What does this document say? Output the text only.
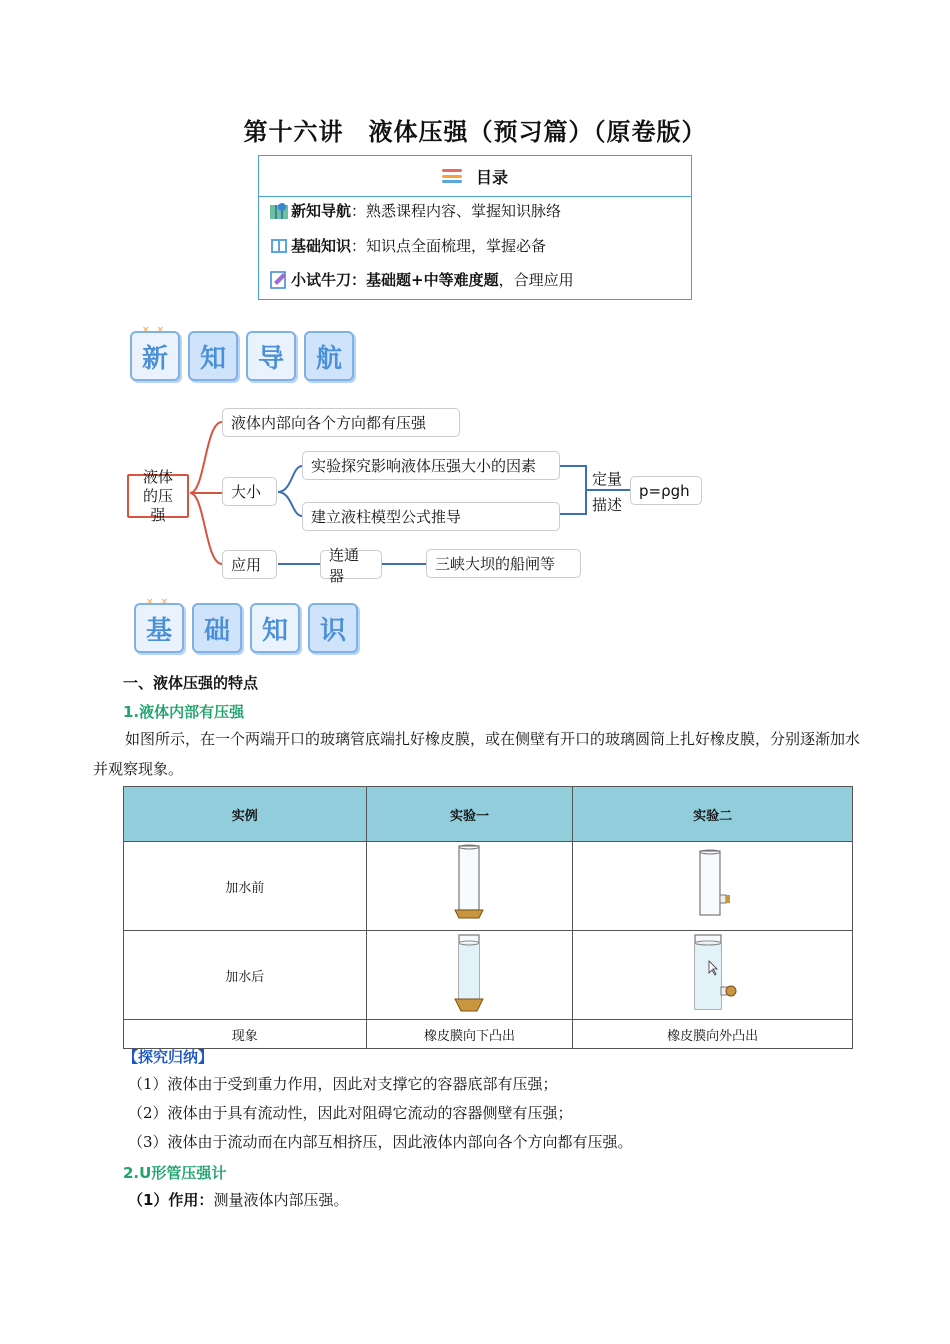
第十六讲　液体压强（预习篇）（原卷版）
目录
新知导航 ：熟悉课程内容、掌握知识脉络
基础知识 ：知识点全面梳理，掌握必备
小试牛刀 ：基础题+中等难度题 ，合理应用
× ×
新 知 导 航
液体的压强
液体内部向各个方向都有压强
大小
实验探究影响液体压强大小的因素
建立液柱模型公式推导
定量
描述
p=ρgh
应用
连通器
三峡大坝的船闸等
× ×
基 础 知 识
一、液体压强的特点
1.液体内部有压强
如图所示，在一个两端开口的玻璃管底端扎好橡皮膜，或在侧壁有开口的玻璃圆筒上扎好橡皮膜，分别逐渐加水并观察现象。
实例	实验一	实验二
加水前		
加水后		
现象	橡皮膜向下凸出	橡皮膜向外凸出
【探究归纳】
（1）液体由于受到重力作用，因此对支撑它的容器底部有压强；
（2）液体由于具有流动性，因此对阻碍它流动的容器侧壁有压强；
（3）液体由于流动而在内部互相挤压，因此液体内部向各个方向都有压强。
2.U形管压强计
（1）作用：测量液体内部压强。
